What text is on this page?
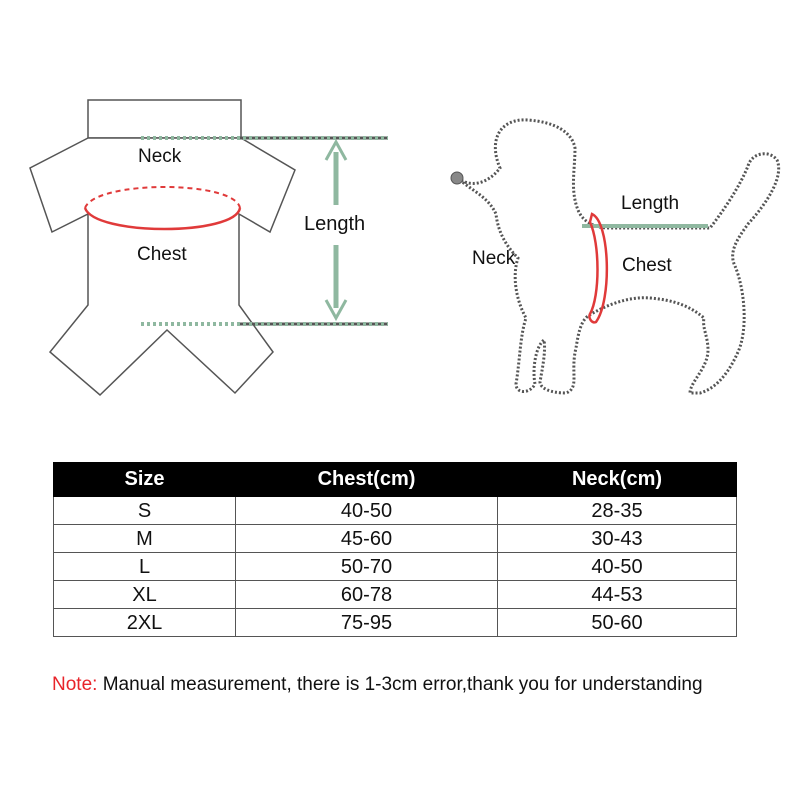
Neck
Chest
Length
Length
Neck	Chest
Size	Chest(cm)	Neck(cm)
S	40-50	28-35
M	45-60	30-43
L	50-70	40-50
XL	60-78	44-53
2XL	75-95	50-60
Note: Manual measurement, there is 1-3cm error,thank you for understanding
